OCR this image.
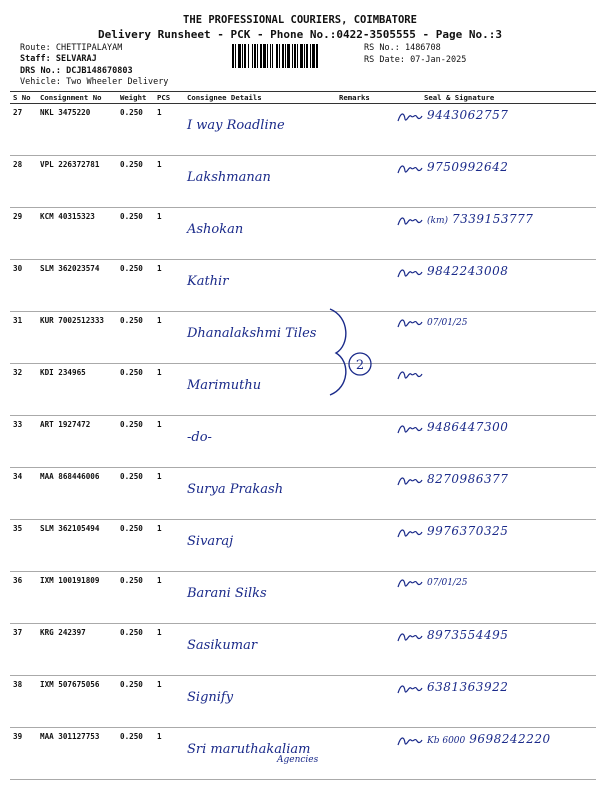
THE PROFESSIONAL COURIERS, COIMBATORE
Delivery Runsheet - PCK - Phone No.:0422-3505555 - Page No.:3
Route: CHETTIPALAYAM
Staff: SELVARAJ
DRS No.: DCJB148670803
Vehicle: Two Wheeler Delivery
RS No.: 1486708
RS Date: 07-Jan-2025
S No	Consignment No	Weight	PCS	Consignee Details	Remarks	Seal & Signature
27	NKL 3475220	0.250	1	I way Roadline		9443062757
28	VPL 226372781	0.250	1	Lakshmanan		9750992642
29	KCM 40315323	0.250	1	Ashokan		(km) 7339153777
30	SLM 362023574	0.250	1	Kathir		9842243008
31	KUR 7002512333	0.250	1	Dhanalakshmi Tiles		07/01/25
32	KDI 234965	0.250	1	Marimuthu		
33	ART 1927472	0.250	1	-do-		9486447300
34	MAA 868446006	0.250	1	Surya Prakash		8270986377
35	SLM 362105494	0.250	1	Sivaraj		9976370325
36	IXM 100191809	0.250	1	Barani Silks		07/01/25
37	KRG 242397	0.250	1	Sasikumar		8973554495
38	IXM 507675056	0.250	1	Signify		6381363922
39	MAA 301127753	0.250	1	Sri maruthakaliam
Agencies		Kb 6000 9698242220
2
